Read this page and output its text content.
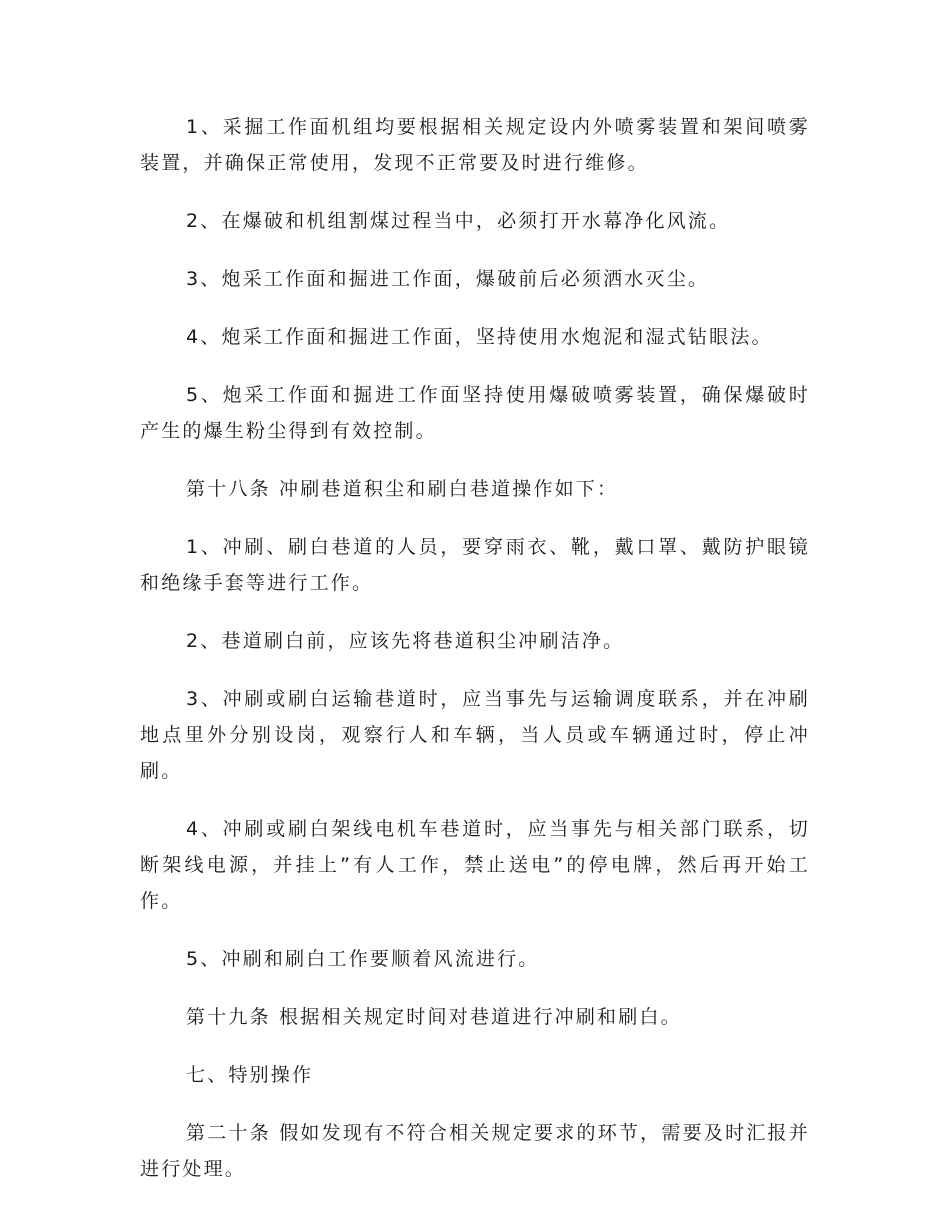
1、采掘工作面机组均要根据相关规定设内外喷雾装置和架间喷雾装置，并确保正常使用，发现不正常要及时进行维修。

2、在爆破和机组割煤过程当中，必须打开水幕净化风流。

3、炮采工作面和掘进工作面，爆破前后必须洒水灭尘。

4、炮采工作面和掘进工作面，坚持使用水炮泥和湿式钻眼法。

5、炮采工作面和掘进工作面坚持使用爆破喷雾装置，确保爆破时产生的爆生粉尘得到有效控制。

第十八条 冲刷巷道积尘和刷白巷道操作如下：

1、冲刷、刷白巷道的人员，要穿雨衣、靴，戴口罩、戴防护眼镜和绝缘手套等进行工作。

2、巷道刷白前，应该先将巷道积尘冲刷洁净。

3、冲刷或刷白运输巷道时，应当事先与运输调度联系，并在冲刷地点里外分别设岗，观察行人和车辆，当人员或车辆通过时，停止冲刷。

4、冲刷或刷白架线电机车巷道时，应当事先与相关部门联系，切断架线电源，并挂上”有人工作，禁止送电”的停电牌，然后再开始工作。

5、冲刷和刷白工作要顺着风流进行。

第十九条 根据相关规定时间对巷道进行冲刷和刷白。

七、特别操作

第二十条 假如发现有不符合相关规定要求的环节，需要及时汇报并进行处理。
